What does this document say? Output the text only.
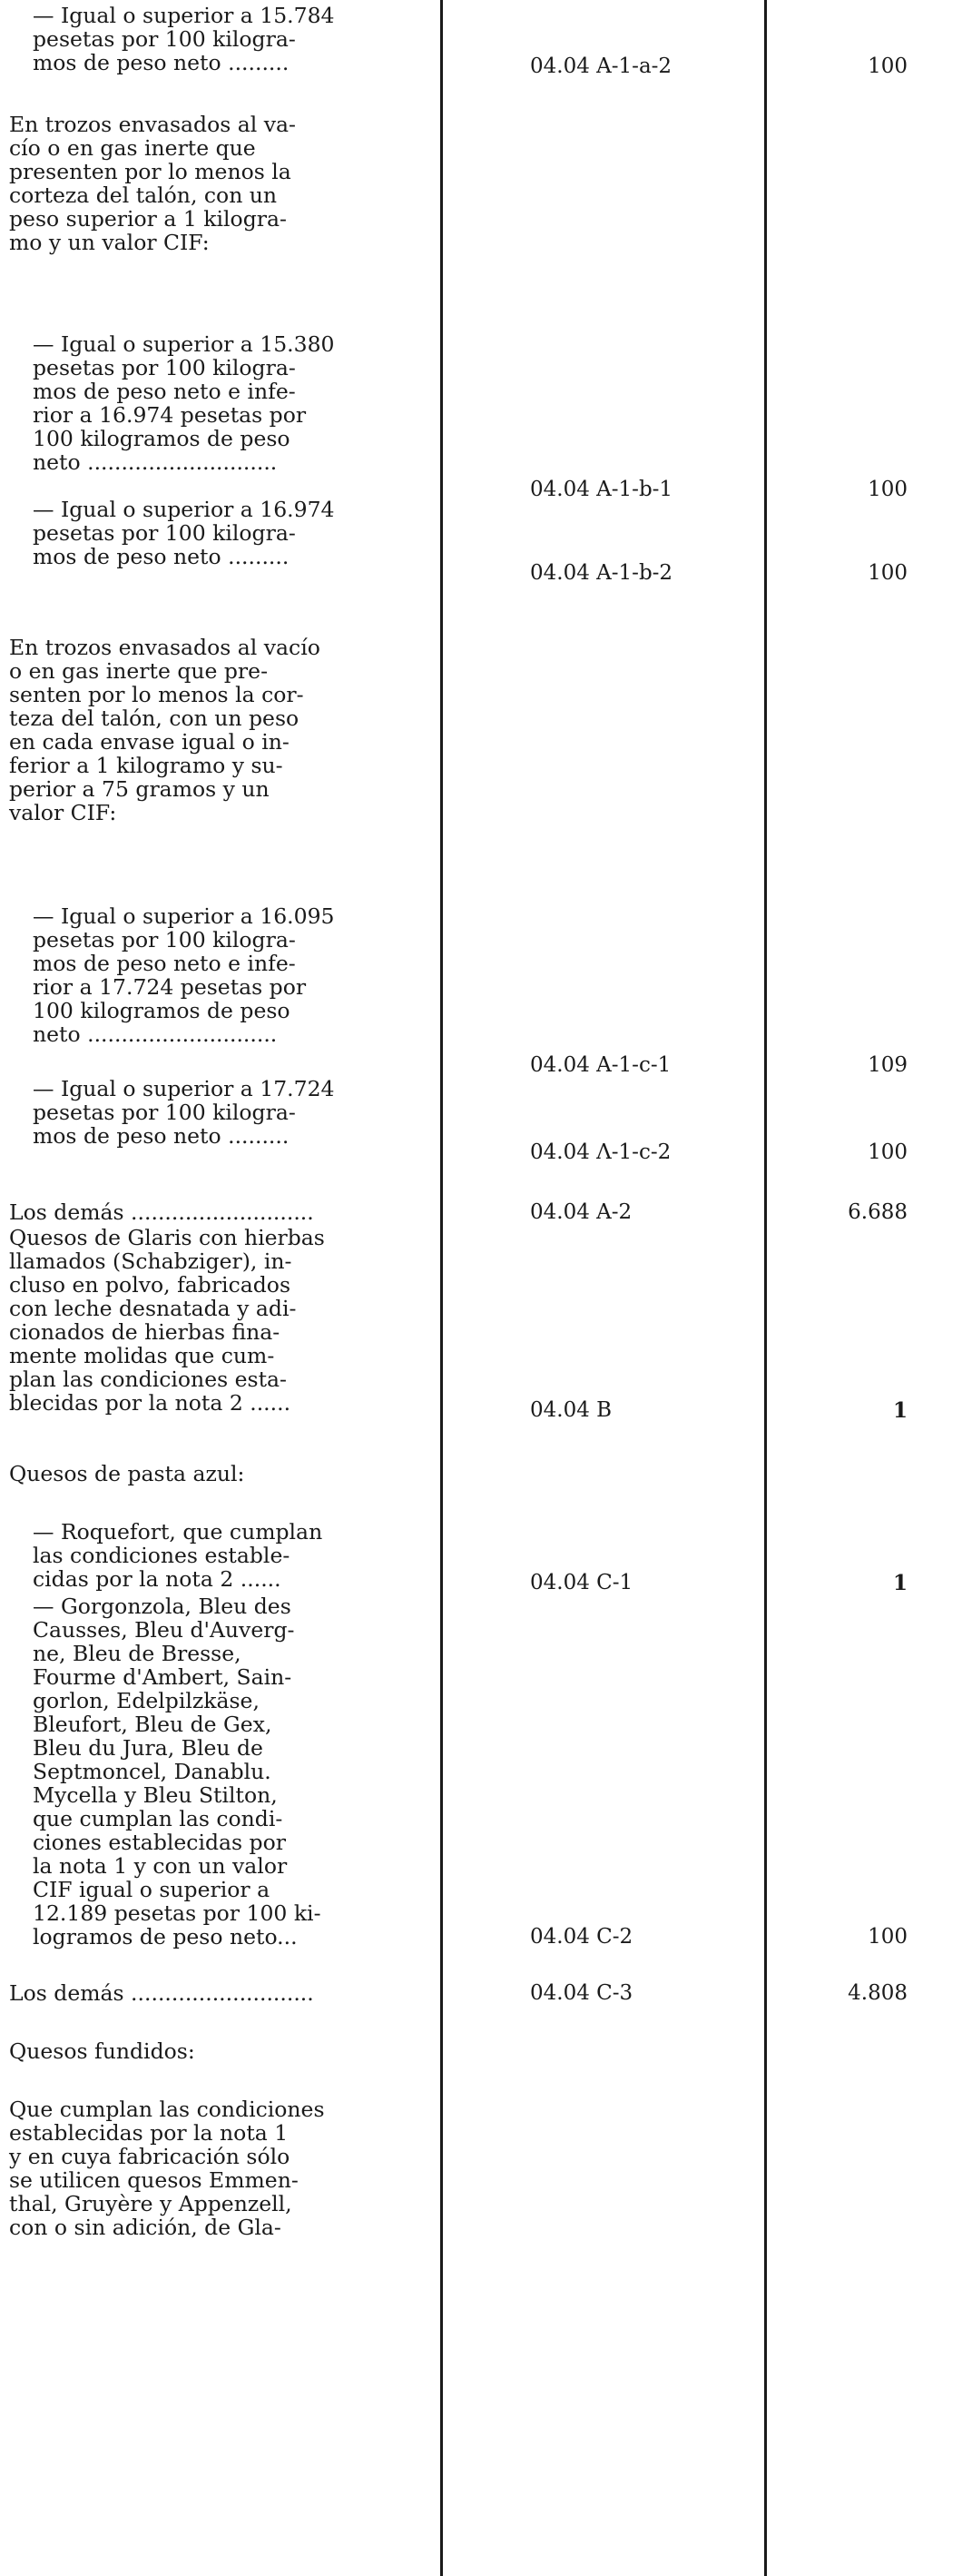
— Igual o superior a 15.784
pesetas por 100 kilogra-
mos de peso neto .........	04.04 A-1-a-2	100
En trozos envasados al va-
cío o en gas inerte que
presenten por lo menos la
corteza del talón, con un
peso superior a 1 kilogra-
mo y un valor CIF:
— Igual o superior a 15.380
pesetas por 100 kilogra-
mos de peso neto e infe-
rior a 16.974 pesetas por
100 kilogramos de peso
neto ............................
04.04 A-1-b-1	100
— Igual o superior a 16.974
pesetas por 100 kilogra-
mos de peso neto .........
04.04 A-1-b-2	100
En trozos envasados al vacío
o en gas inerte que pre-
senten por lo menos la cor-
teza del talón, con un peso
en cada envase igual o in-
ferior a 1 kilogramo y su-
perior a 75 gramos y un
valor CIF:
— Igual o superior a 16.095
pesetas por 100 kilogra-
mos de peso neto e infe-
rior a 17.724 pesetas por
100 kilogramos de peso
neto ............................
04.04 A-1-c-1	109
— Igual o superior a 17.724
pesetas por 100 kilogra-
mos de peso neto .........
04.04 Λ-1-c-2	100
Los demás ...........................	04.04 A-2	6.688
Quesos de Glaris con hierbas
llamados (Schabziger), in-
cluso en polvo, fabricados
con leche desnatada y adi-
cionados de hierbas fina-
mente molidas que cum-
plan las condiciones esta-
blecidas por la nota 2 ......	04.04 B	1
Quesos de pasta azul:
— Roquefort, que cumplan
las condiciones estable-
cidas por la nota 2 ......	04.04 C-1	1
— Gorgonzola, Bleu des
Causses, Bleu d'Auverg-
ne, Bleu de Bresse,
Fourme d'Ambert, Sain-
gorlon, Edelpilzkäse,
Bleufort, Bleu de Gex,
Bleu du Jura, Bleu de
Septmoncel, Danablu.
Mycella y Bleu Stilton,
que cumplan las condi-
ciones establecidas por
la nota 1 y con un valor
CIF igual o superior a
12.189 pesetas por 100 ki-
logramos de peso neto...	04.04 C-2	100
Los demás ...........................	04.04 C-3	4.808
Quesos fundidos:
Que cumplan las condiciones
establecidas por la nota 1
y en cuya fabricación sólo
se utilicen quesos Emmen-
thal, Gruyère y Appenzell,
con o sin adición, de Gla-
